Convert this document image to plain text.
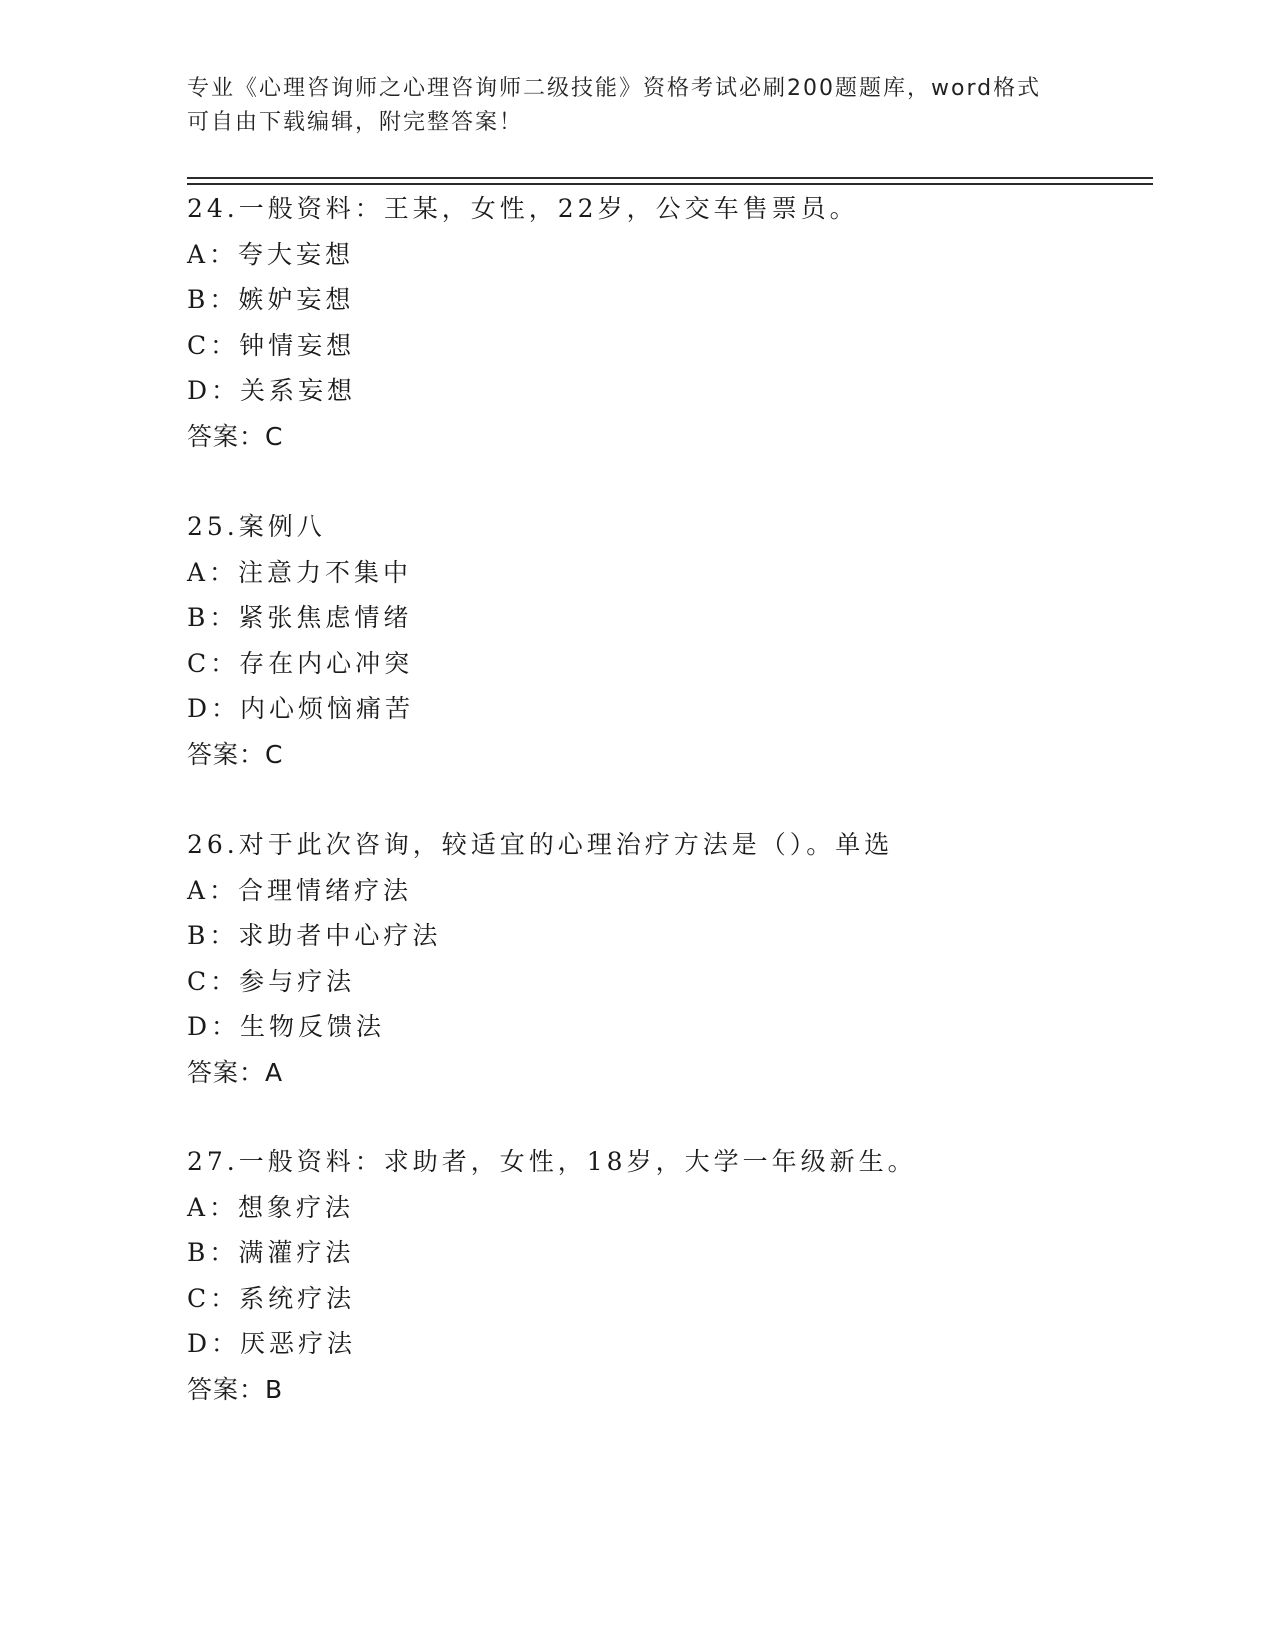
专业《心理咨询师之心理咨询师二级技能》资格考试必刷200题题库，word格式
可自由下载编辑，附完整答案！
24.一般资料：王某，女性，22岁，公交车售票员。
A：夸大妄想
B：嫉妒妄想
C：钟情妄想
D：关系妄想
答案：C
25.案例八
A：注意力不集中
B：紧张焦虑情绪
C：存在内心冲突
D：内心烦恼痛苦
答案：C
26.对于此次咨询，较适宜的心理治疗方法是（）。单选
A：合理情绪疗法
B：求助者中心疗法
C：参与疗法
D：生物反馈法
答案：A
27.一般资料：求助者，女性，18岁，大学一年级新生。
A：想象疗法
B：满灌疗法
C：系统疗法
D：厌恶疗法
答案：B
